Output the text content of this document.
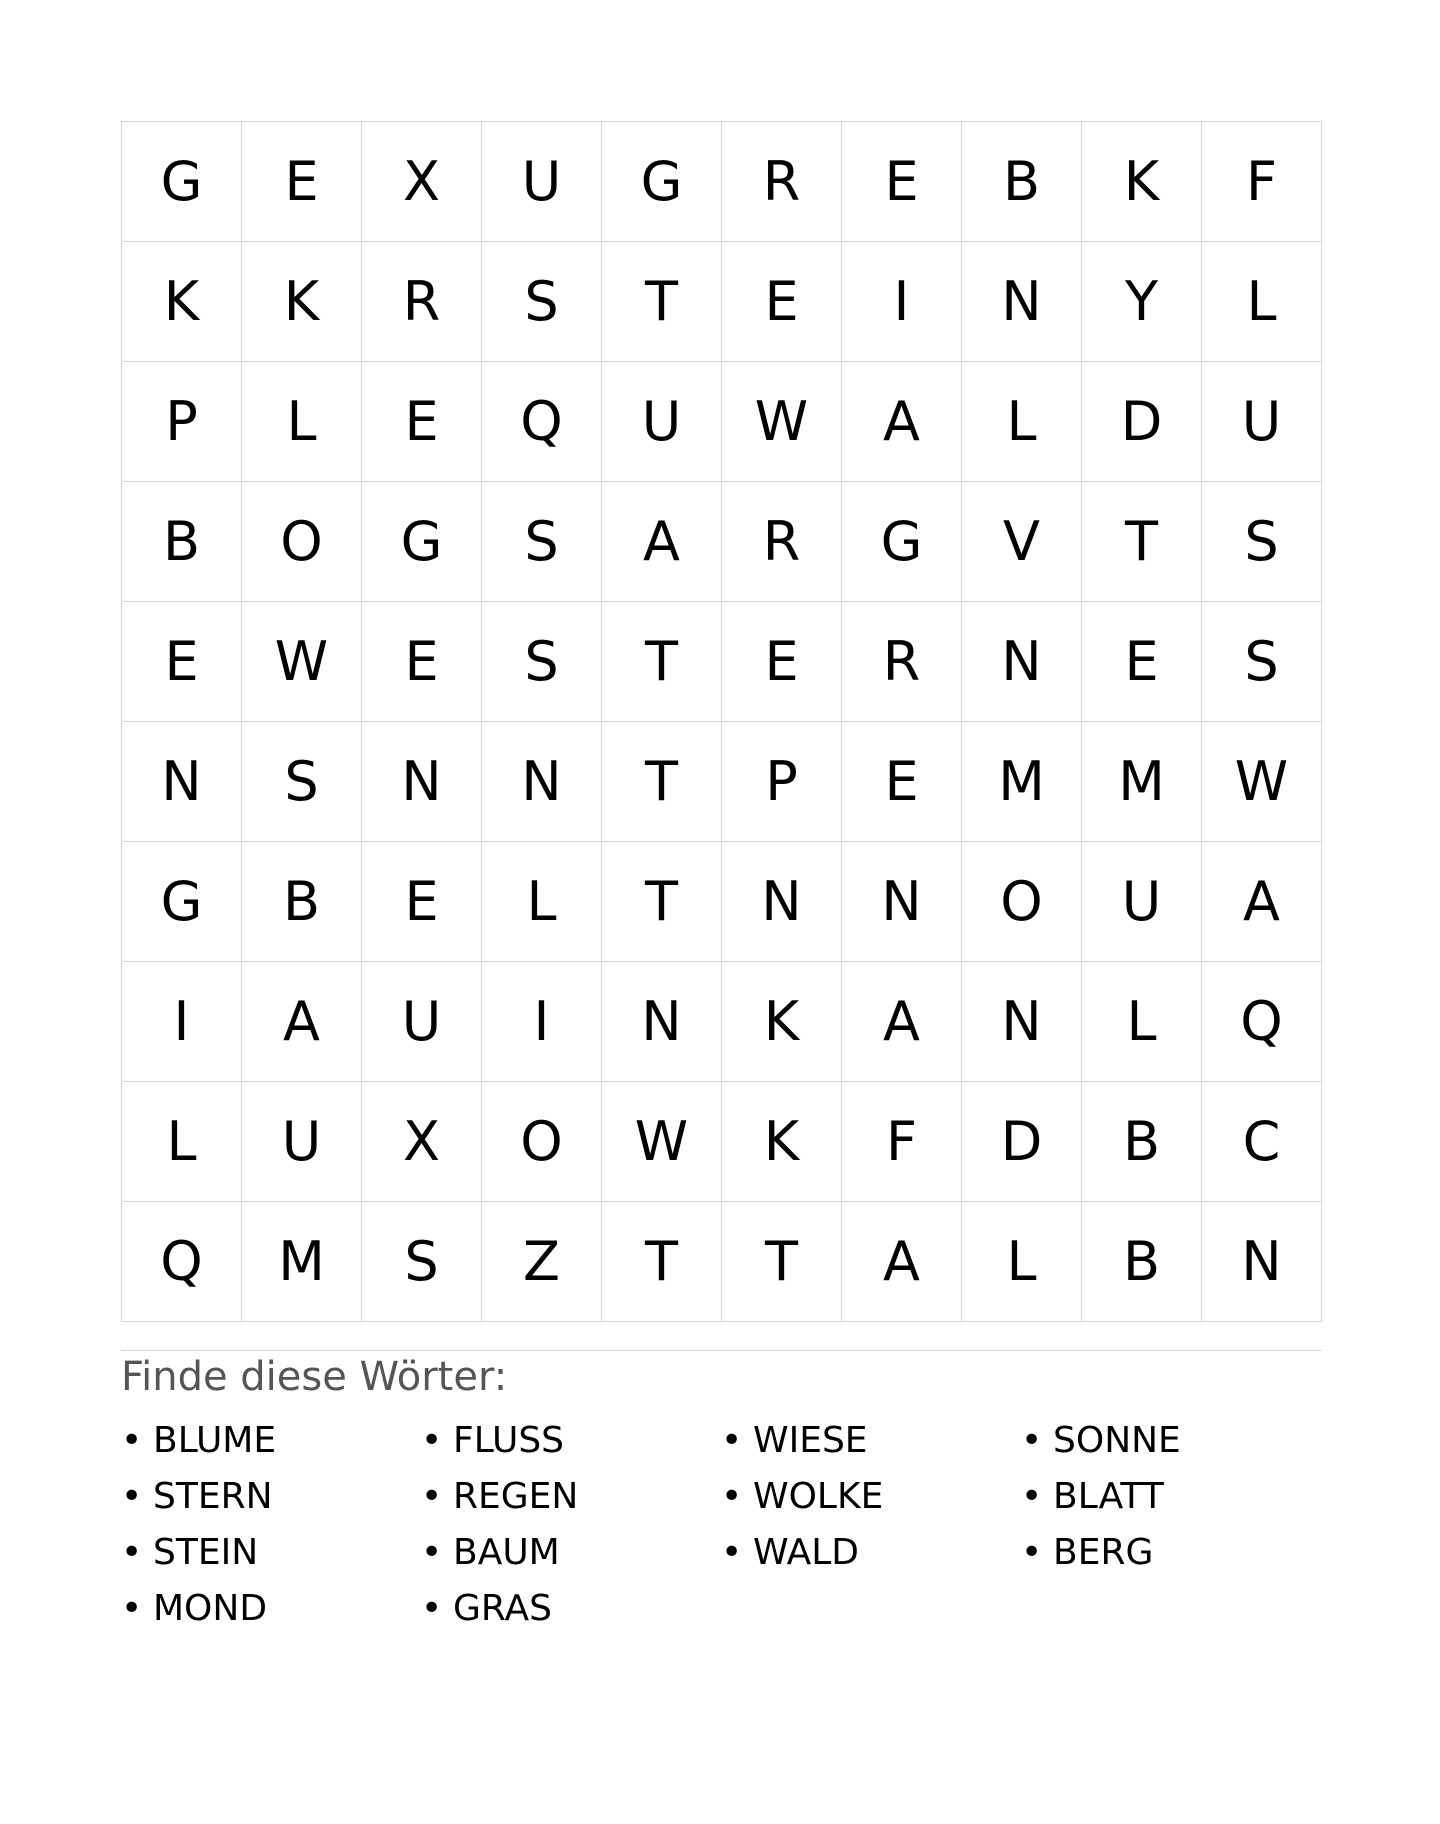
G	E	X	U	G	R	E	B	K	F
K	K	R	S	T	E	I	N	Y	L
P	L	E	Q	U	W	A	L	D	U
B	O	G	S	A	R	G	V	T	S
E	W	E	S	T	E	R	N	E	S
N	S	N	N	T	P	E	M	M	W
G	B	E	L	T	N	N	O	U	A
I	A	U	I	N	K	A	N	L	Q
L	U	X	O	W	K	F	D	B	C
Q	M	S	Z	T	T	A	L	B	N
Finde diese Wörter:
• BLUME
• STERN
• STEIN
• MOND
• FLUSS
• REGEN
• BAUM
• GRAS
• WIESE
• WOLKE
• WALD
• SONNE
• BLATT
• BERG
